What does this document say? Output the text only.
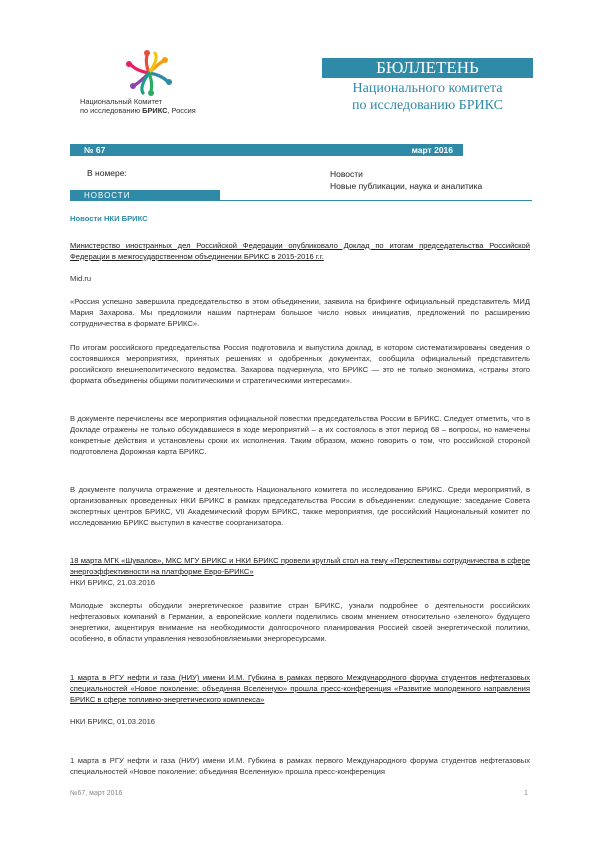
Национальный Комитет
по исследованию БРИКС, Россия
БЮЛЛЕТЕНЬ
Национального комитета
по исследованию БРИКС
№ 67	март 2016
В номере:	Новости
Новые публикации, наука и аналитика
НОВОСТИ
Новости НКИ БРИКС
Министерство иностранных дел Российской Федерации опубликовало Доклад по итогам председательства Российской Федерации в межгосударственном объединении БРИКС в 2015-2016 г.г.
Mid.ru
«Россия успешно завершила председательство в этом объединении, заявила на брифинге официальный представитель МИД Мария Захарова. Мы предложили нашим партнерам большое число новых инициатив, предложений по расширению сотрудничества в формате БРИКС».
По итогам российского председательства Россия подготовила и выпустила доклад, в котором систематизированы сведения о состоявшихся мероприятиях, принятых решениях и одобренных документах, сообщила официальный представитель российского внешнеполитического ведомства. Захарова подчеркнула, что БРИКС — это не только экономика, «страны этого формата объединены общими политическими и стратегическими интересами».
В документе перечислены все мероприятия официальной повестки председательства России в БРИКС. Следует отметить, что в Докладе отражены не только обсуждавшиеся в ходе мероприятий – а их состоялось в этот период 68 – вопросы, но намечены конкретные действия и установлены сроки их исполнения. Таким образом, можно говорить о том, что российской стороной подготовлена Дорожная карта БРИКС.
В документе получила отражение и деятельность Национального комитета по исследованию БРИКС. Среди мероприятий, в организованных проведенных НКИ БРИКС в рамках председательства России в объединении: следующие: заседание Совета экспертных центров БРИКС, VII Академический форум БРИКС, также мероприятия, где российский Национальный комитет по исследованию БРИКС выступил в качестве соорганизатора.
18 марта МГК «Шувалов», МКС МГУ БРИКС и НКИ БРИКС провели круглый стол на тему «Перспективы сотрудничества в сфере энергоэффективности на платформе Евро-БРИКС»
НКИ БРИКС, 21.03.2016
Молодые эксперты обсудили энергетическое развитие стран БРИКС, узнали подробнее о деятельности российских нефтегазовых компаний в Германии, а европейские коллеги поделились своим мнением относительно «зеленого» будущего энергетики, акцентируя внимание на необходимости долгосрочного планирования Россией своей энергетической политики, особенно, в области управления невозобновляемыми энергоресурсами.
1 марта в РГУ нефти и газа (НИУ) имени И.М. Губкина в рамках первого Международного форума студентов нефтегазовых специальностей «Новое поколение: объединяя Вселенную» прошла пресс-конференция «Развитие молодежного направления БРИКС в сфере топливно-энергетического комплекса»
НКИ БРИКС, 01.03.2016
1 марта в РГУ нефти и газа (НИУ) имени И.М. Губкина в рамках первого Международного форума студентов нефтегазовых специальностей «Новое поколение: объединяя Вселенную» прошла пресс-конференция
№67, март 2016	1
